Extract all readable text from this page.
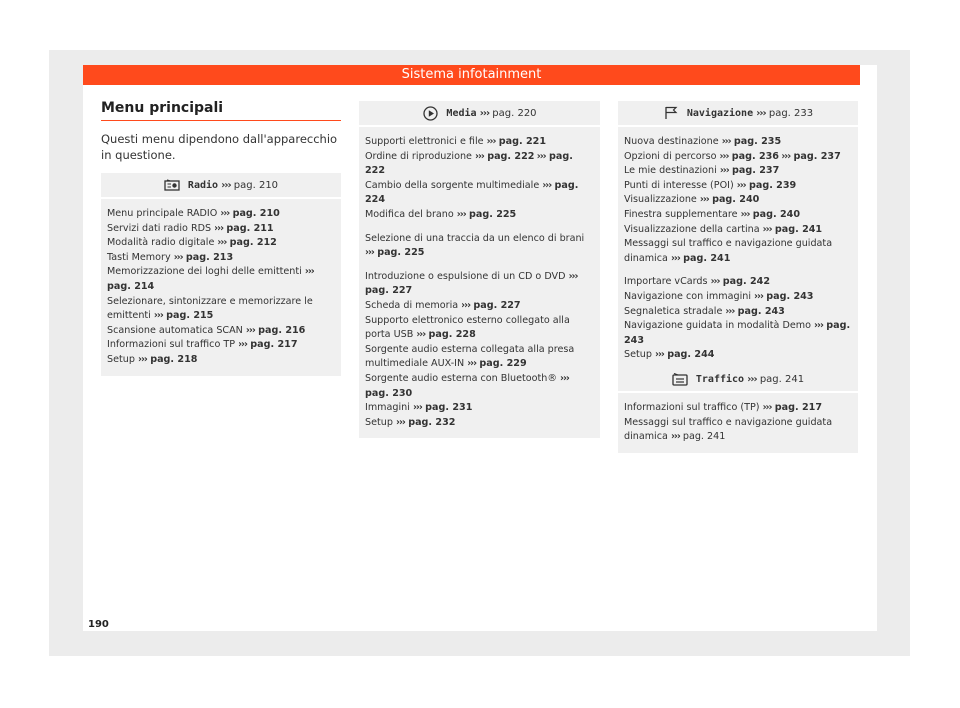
Sistema infotainment
Menu principali
Questi menu dipendono dall'apparecchio in questione.
Radio ››› pag. 210
Menu principale RADIO ››› pag. 210
Servizi dati radio RDS ››› pag. 211
Modalità radio digitale ››› pag. 212
Tasti Memory ››› pag. 213
Memorizzazione dei loghi delle emittenti ››› pag. 214
Selezionare, sintonizzare e memorizzare le emittenti ››› pag. 215
Scansione automatica SCAN ››› pag. 216
Informazioni sul traffico TP ››› pag. 217
Setup ››› pag. 218
Media ››› pag. 220
Supporti elettronici e file ››› pag. 221
Ordine di riproduzione ››› pag. 222 ››› pag. 222
Cambio della sorgente multimediale ››› pag. 224
Modifica del brano ››› pag. 225
Selezione di una traccia da un elenco di brani ››› pag. 225
Introduzione o espulsione di un CD o DVD ››› pag. 227
Scheda di memoria ››› pag. 227
Supporto elettronico esterno collegato alla porta USB ››› pag. 228
Sorgente audio esterna collegata alla presa multimediale AUX-IN ››› pag. 229
Sorgente audio esterna con Bluetooth® ››› pag. 230
Immagini ››› pag. 231
Setup ››› pag. 232
Navigazione ››› pag. 233
Nuova destinazione ››› pag. 235
Opzioni di percorso ››› pag. 236 ››› pag. 237
Le mie destinazioni ››› pag. 237
Punti di interesse (POI) ››› pag. 239
Visualizzazione ››› pag. 240
Finestra supplementare ››› pag. 240
Visualizzazione della cartina ››› pag. 241
Messaggi sul traffico e navigazione guidata dinamica ››› pag. 241
Importare vCards ››› pag. 242
Navigazione con immagini ››› pag. 243
Segnaletica stradale ››› pag. 243
Navigazione guidata in modalità Demo ››› pag. 243
Setup ››› pag. 244
Traffico ››› pag. 241
Informazioni sul traffico (TP) ››› pag. 217
Messaggi sul traffico e navigazione guidata dinamica ››› pag. 241
190
